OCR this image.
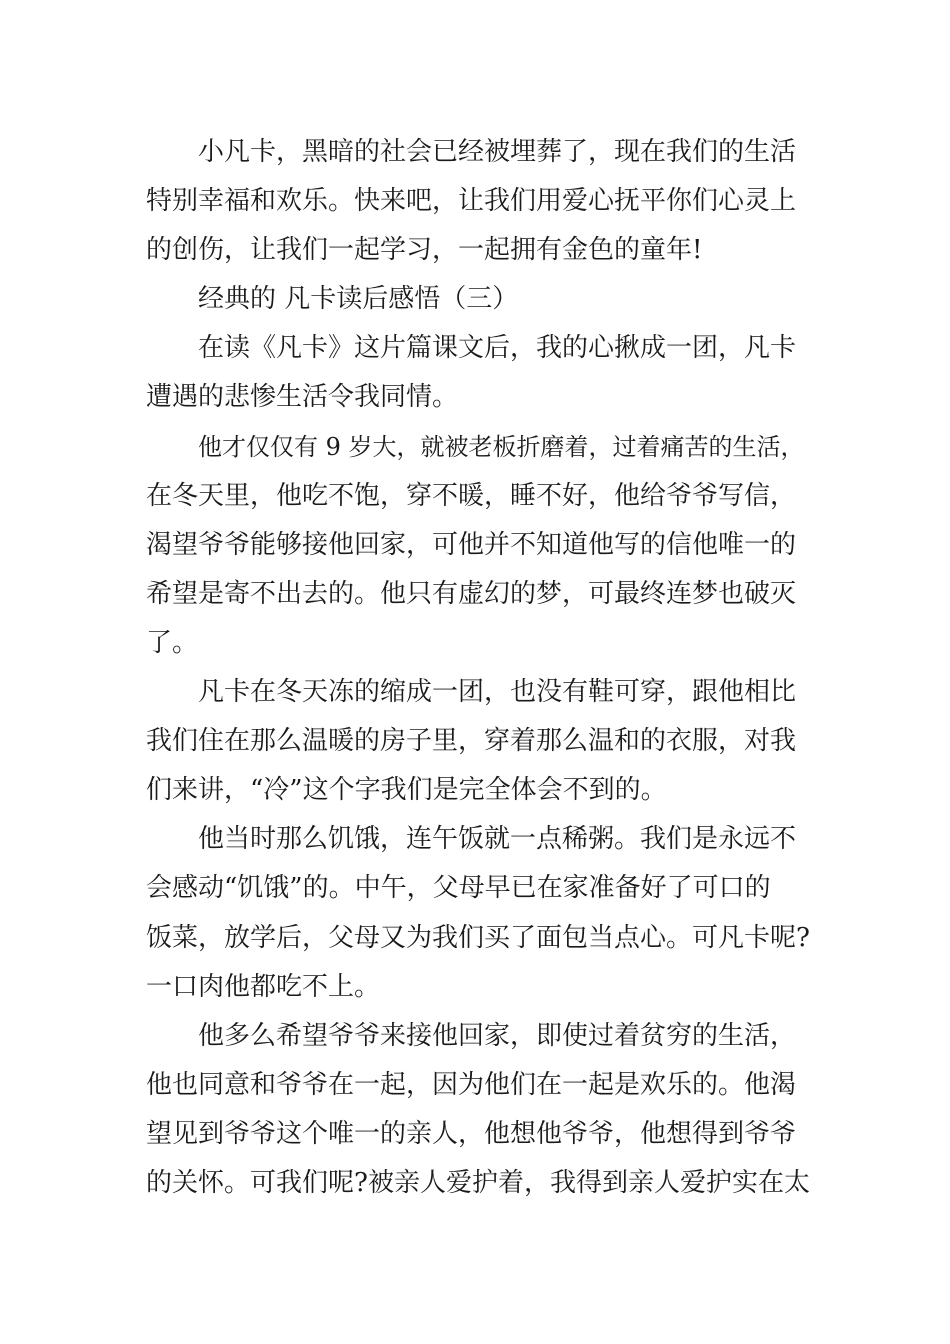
小凡卡，黑暗的社会已经被埋葬了，现在我们的生活
特别幸福和欢乐。快来吧，让我们用爱心抚平你们心灵上
的创伤，让我们一起学习，一起拥有金色的童年!
经典的 凡卡读后感悟（三）
在读《凡卡》这片篇课文后，我的心揪成一团，凡卡
遭遇的悲惨生活令我同情。
他才仅仅有 9 岁大，就被老板折磨着，过着痛苦的生活，
在冬天里，他吃不饱，穿不暖，睡不好，他给爷爷写信，
渴望爷爷能够接他回家，可他并不知道他写的信他唯一的
希望是寄不出去的。他只有虚幻的梦，可最终连梦也破灭
了。
凡卡在冬天冻的缩成一团，也没有鞋可穿，跟他相比
我们住在那么温暖的房子里，穿着那么温和的衣服，对我
们来讲，“冷”这个字我们是完全体会不到的。
他当时那么饥饿，连午饭就一点稀粥。我们是永远不
会感动“饥饿”的。中午，父母早已在家准备好了可口的
饭菜，放学后，父母又为我们买了面包当点心。可凡卡呢?
一口肉他都吃不上。
他多么希望爷爷来接他回家，即使过着贫穷的生活，
他也同意和爷爷在一起，因为他们在一起是欢乐的。他渴
望见到爷爷这个唯一的亲人，他想他爷爷，他想得到爷爷
的关怀。可我们呢?被亲人爱护着，我得到亲人爱护实在太
